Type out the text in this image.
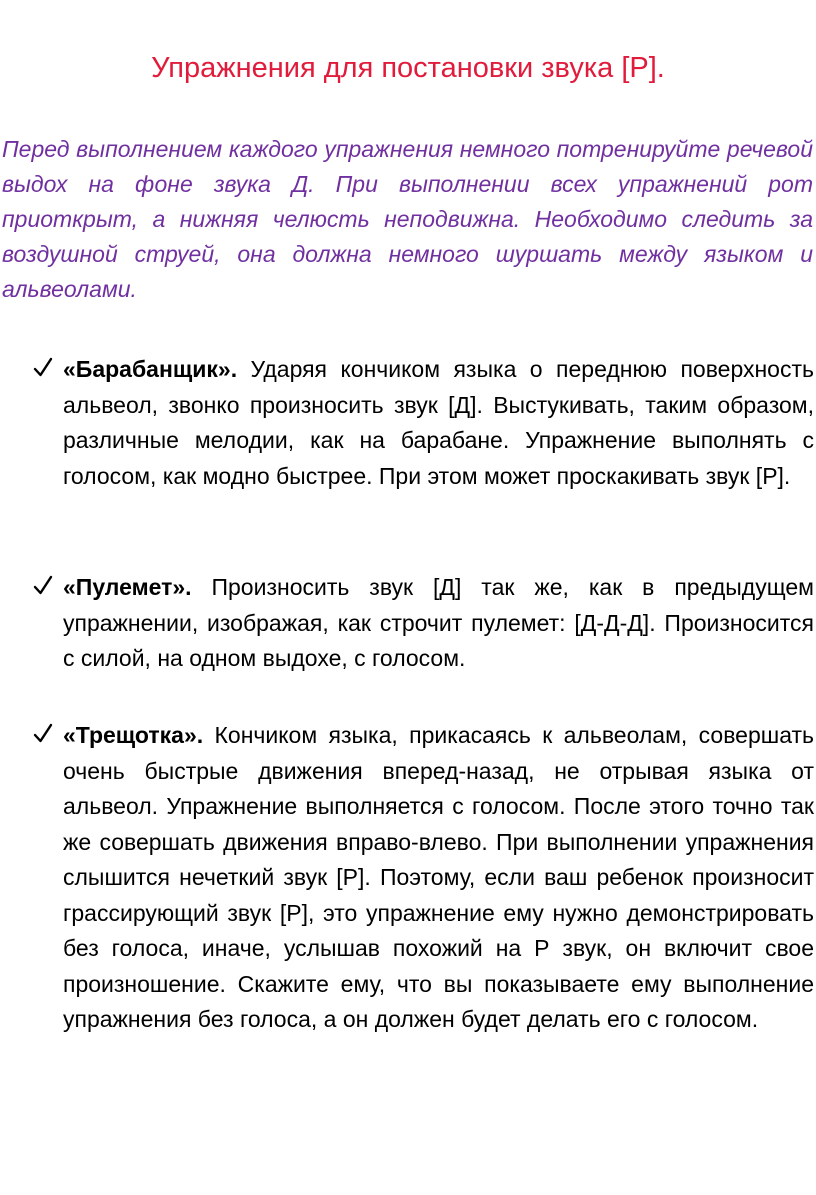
Упражнения для постановки звука [Р].

Перед выполнением каждого упражнения немного потренируйте речевой выдох на фоне звука Д. При выполнении всех упражнений рот приоткрыт, а нижняя челюсть неподвижна. Необходимо следить за воздушной струей, она должна немного шуршать между языком и альвеолами.

«Барабанщик». Ударяя кончиком языка о переднюю поверхность альвеол, звонко произносить звук [Д]. Выстукивать, таким образом, различные мелодии, как на барабане. Упражнение выполнять с голосом, как модно быстрее. При этом может проскакивать звук [Р].

«Пулемет». Произносить звук [Д] так же, как в предыдущем упражнении, изображая, как строчит пулемет: [Д-Д-Д]. Произносится с силой, на одном выдохе, с голосом.

«Трещотка». Кончиком языка, прикасаясь к альвеолам, совершать очень быстрые движения вперед-назад, не отрывая языка от альвеол. Упражнение выполняется с голосом. После этого точно так же совершать движения вправо-влево. При выполнении упражнения слышится нечеткий звук [Р]. Поэтому, если ваш ребенок произносит грассирующий звук [Р], это упражнение ему нужно демонстрировать без голоса, иначе, услышав похожий на Р звук, он включит свое произношение. Скажите ему, что вы показываете ему выполнение упражнения без голоса, а он должен будет делать его с голосом.
